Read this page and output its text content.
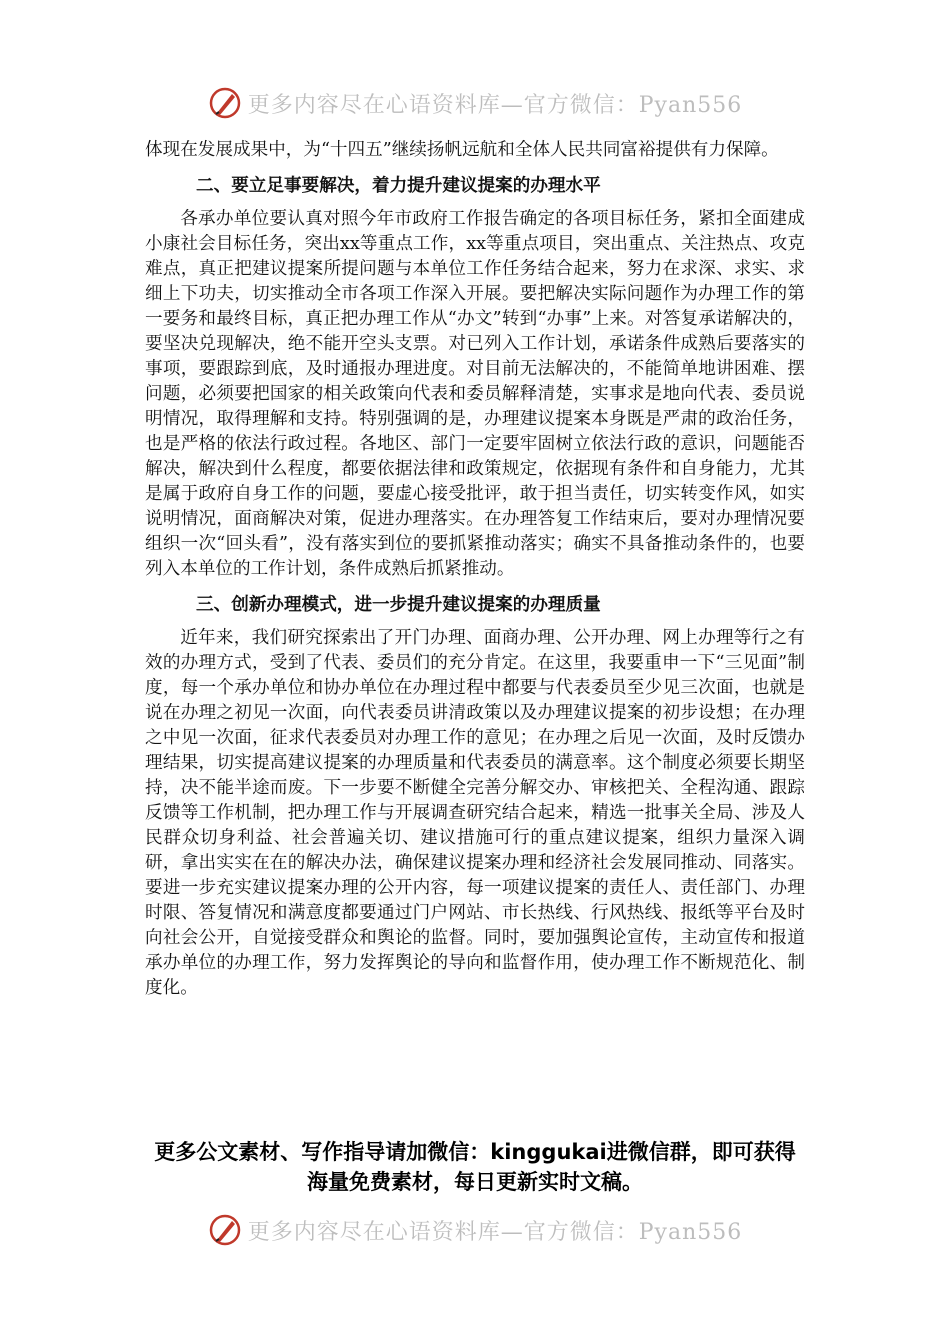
更多内容尽在心语资料库—官方微信：Pyan556

体现在发展成果中，为“十四五”继续扬帆远航和全体人民共同富裕提供有力保障。

二、要立足事要解决，着力提升建议提案的办理水平

各承办单位要认真对照今年市政府工作报告确定的各项目标任务，紧扣全面建成小康社会目标任务，突出xx等重点工作，xx等重点项目，突出重点、关注热点、攻克难点，真正把建议提案所提问题与本单位工作任务结合起来，努力在求深、求实、求细上下功夫，切实推动全市各项工作深入开展。要把解决实际问题作为办理工作的第一要务和最终目标，真正把办理工作从“办文”转到“办事”上来。对答复承诺解决的，要坚决兑现解决，绝不能开空头支票。对已列入工作计划，承诺条件成熟后要落实的事项，要跟踪到底，及时通报办理进度。对目前无法解决的，不能简单地讲困难、摆问题，必须要把国家的相关政策向代表和委员解释清楚，实事求是地向代表、委员说明情况，取得理解和支持。特别强调的是，办理建议提案本身既是严肃的政治任务，也是严格的依法行政过程。各地区、部门一定要牢固树立依法行政的意识，问题能否解决，解决到什么程度，都要依据法律和政策规定，依据现有条件和自身能力，尤其是属于政府自身工作的问题，要虚心接受批评，敢于担当责任，切实转变作风，如实说明情况，面商解决对策，促进办理落实。在办理答复工作结束后，要对办理情况要组织一次“回头看”，没有落实到位的要抓紧推动落实；确实不具备推动条件的，也要列入本单位的工作计划，条件成熟后抓紧推动。

三、创新办理模式，进一步提升建议提案的办理质量

近年来，我们研究探索出了开门办理、面商办理、公开办理、网上办理等行之有效的办理方式，受到了代表、委员们的充分肯定。在这里，我要重申一下“三见面”制度，每一个承办单位和协办单位在办理过程中都要与代表委员至少见三次面，也就是说在办理之初见一次面，向代表委员讲清政策以及办理建议提案的初步设想；在办理之中见一次面，征求代表委员对办理工作的意见；在办理之后见一次面，及时反馈办理结果，切实提高建议提案的办理质量和代表委员的满意率。这个制度必须要长期坚持，决不能半途而废。下一步要不断健全完善分解交办、审核把关、全程沟通、跟踪反馈等工作机制，把办理工作与开展调查研究结合起来，精选一批事关全局、涉及人民群众切身利益、社会普遍关切、建议措施可行的重点建议提案，组织力量深入调研，拿出实实在在的解决办法，确保建议提案办理和经济社会发展同推动、同落实。要进一步充实建议提案办理的公开内容，每一项建议提案的责任人、责任部门、办理时限、答复情况和满意度都要通过门户网站、市长热线、行风热线、报纸等平台及时向社会公开，自觉接受群众和舆论的监督。同时，要加强舆论宣传，主动宣传和报道承办单位的办理工作，努力发挥舆论的导向和监督作用，使办理工作不断规范化、制度化。

更多公文素材、写作指导请加微信：kinggukai进微信群，即可获得海量免费素材，每日更新实时文稿。
更多内容尽在心语资料库—官方微信：Pyan556
